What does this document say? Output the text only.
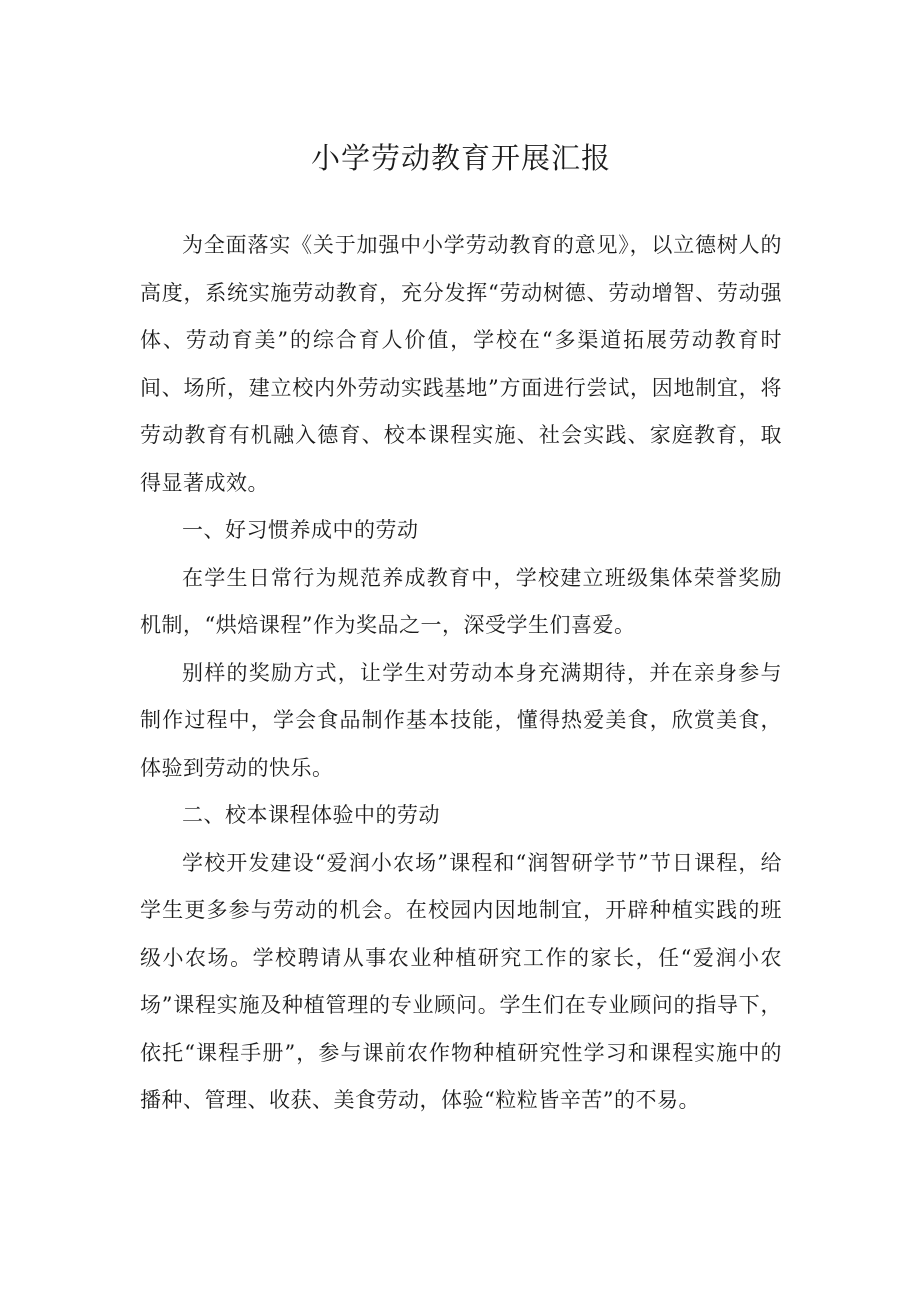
小学劳动教育开展汇报

为全面落实《关于加强中小学劳动教育的意见》，以立德树人的高度，系统实施劳动教育，充分发挥“劳动树德、劳动增智、劳动强体、劳动育美”的综合育人价值，学校在“多渠道拓展劳动教育时间、场所，建立校内外劳动实践基地”方面进行尝试，因地制宜，将劳动教育有机融入德育、校本课程实施、社会实践、家庭教育，取得显著成效。

一、好习惯养成中的劳动

在学生日常行为规范养成教育中，学校建立班级集体荣誉奖励机制，“烘焙课程”作为奖品之一，深受学生们喜爱。

别样的奖励方式，让学生对劳动本身充满期待，并在亲身参与制作过程中，学会食品制作基本技能，懂得热爱美食，欣赏美食，体验到劳动的快乐。

二、校本课程体验中的劳动

学校开发建设“爱润小农场”课程和“润智研学节”节日课程，给学生更多参与劳动的机会。在校园内因地制宜，开辟种植实践的班级小农场。学校聘请从事农业种植研究工作的家长，任“爱润小农场”课程实施及种植管理的专业顾问。学生们在专业顾问的指导下，依托“课程手册”，参与课前农作物种植研究性学习和课程实施中的播种、管理、收获、美食劳动，体验“粒粒皆辛苦”的不易。
